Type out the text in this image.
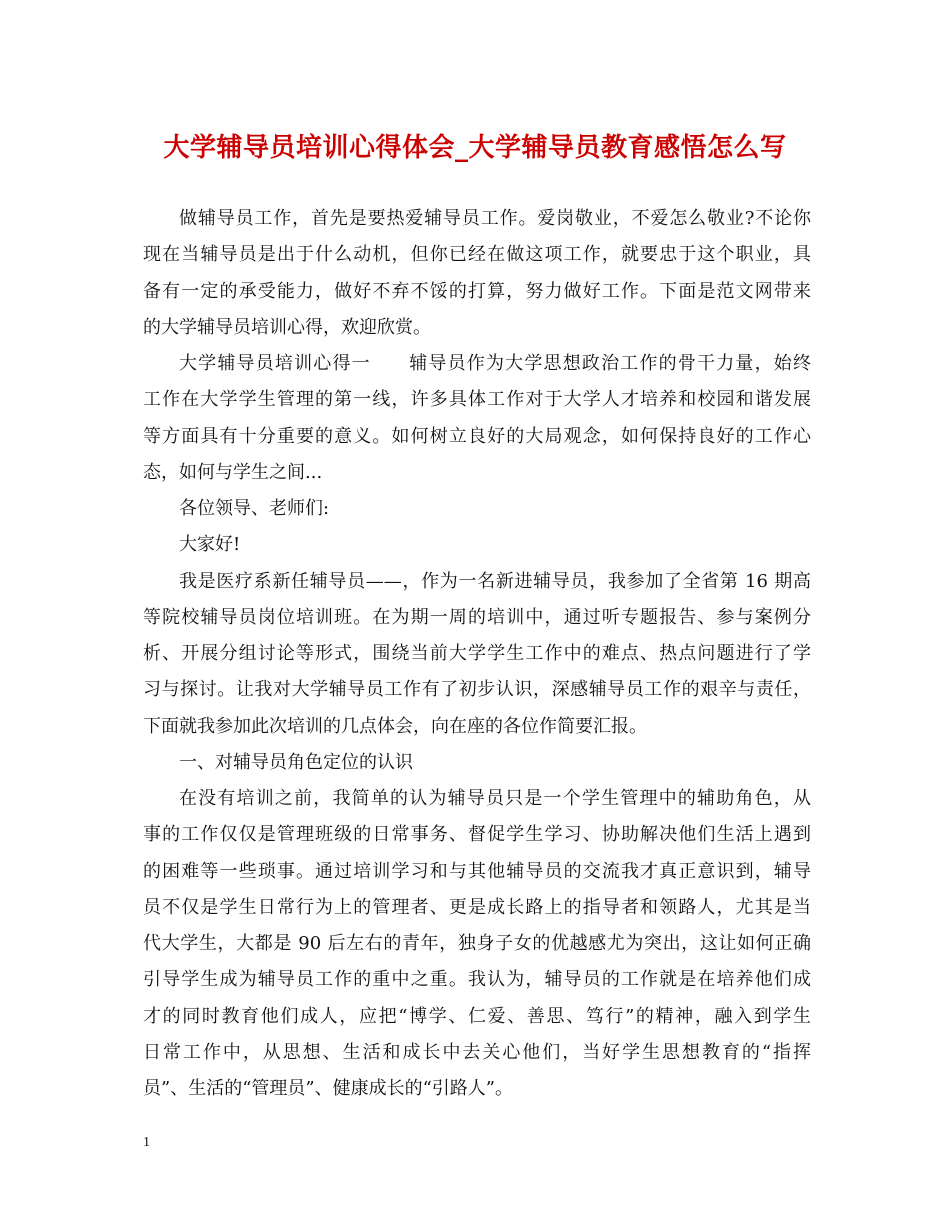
大学辅导员培训心得体会_大学辅导员教育感悟怎么写
做辅导员工作，首先是要热爱辅导员工作。爱岗敬业，不爱怎么敬业?不论你
现在当辅导员是出于什么动机，但你已经在做这项工作，就要忠于这个职业，具
备有一定的承受能力，做好不弃不馁的打算，努力做好工作。下面是范文网带来
的大学辅导员培训心得，欢迎欣赏。
大学辅导员培训心得一　　辅导员作为大学思想政治工作的骨干力量，始终
工作在大学学生管理的第一线，许多具体工作对于大学人才培养和校园和谐发展
等方面具有十分重要的意义。如何树立良好的大局观念，如何保持良好的工作心
态，如何与学生之间...
各位领导、老师们:
大家好!
我是医疗系新任辅导员——，作为一名新进辅导员，我参加了全省第 16 期高
等院校辅导员岗位培训班。在为期一周的培训中，通过听专题报告、参与案例分
析、开展分组讨论等形式，围绕当前大学学生工作中的难点、热点问题进行了学
习与探讨。让我对大学辅导员工作有了初步认识，深感辅导员工作的艰辛与责任，
下面就我参加此次培训的几点体会，向在座的各位作简要汇报。
一、对辅导员角色定位的认识
在没有培训之前，我简单的认为辅导员只是一个学生管理中的辅助角色，从
事的工作仅仅是管理班级的日常事务、督促学生学习、协助解决他们生活上遇到
的困难等一些琐事。通过培训学习和与其他辅导员的交流我才真正意识到，辅导
员不仅是学生日常行为上的管理者、更是成长路上的指导者和领路人，尤其是当
代大学生，大都是 90 后左右的青年，独身子女的优越感尤为突出，这让如何正确
引导学生成为辅导员工作的重中之重。我认为，辅导员的工作就是在培养他们成
才的同时教育他们成人，应把“博学、仁爱、善思、笃行”的精神，融入到学生
日常工作中，从思想、生活和成长中去关心他们，当好学生思想教育的“指挥
员”、生活的“管理员”、健康成长的“引路人”。
1
